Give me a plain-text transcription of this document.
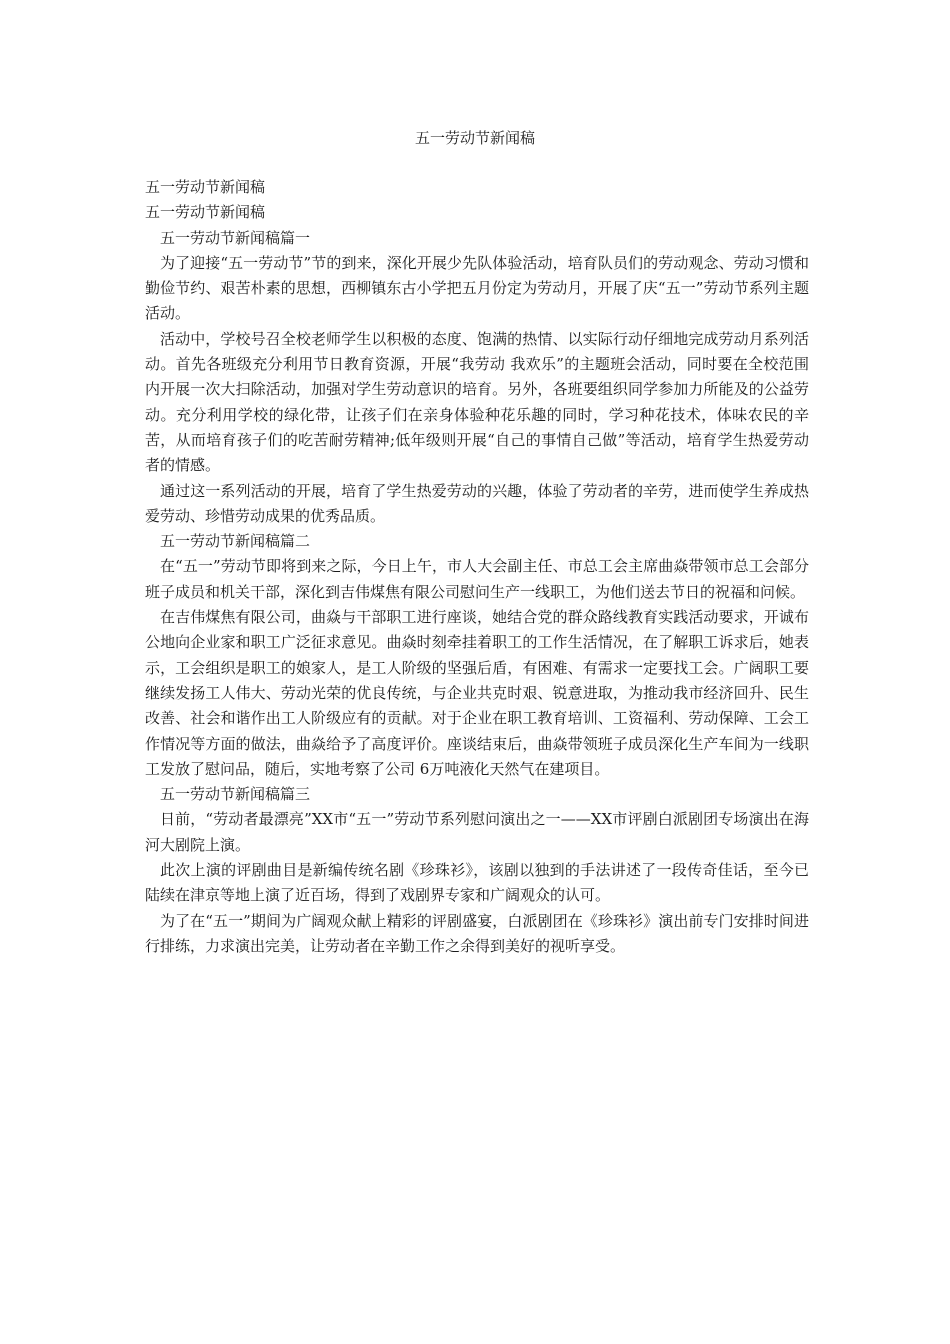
五一劳动节新闻稿

五一劳动节新闻稿

五一劳动节新闻稿

五一劳动节新闻稿篇一

为了迎接“五一劳动节”节的到来，深化开展少先队体验活动，培育队员们的劳动观念、劳动习惯和勤俭节约、艰苦朴素的思想，西柳镇东古小学把五月份定为劳动月，开展了庆“五一”劳动节系列主题活动。

活动中，学校号召全校老师学生以积极的态度、饱满的热情、以实际行动仔细地完成劳动月系列活动。首先各班级充分利用节日教育资源，开展“我劳动 我欢乐”的主题班会活动，同时要在全校范围内开展一次大扫除活动，加强对学生劳动意识的培育。另外，各班要组织同学参加力所能及的公益劳动。充分利用学校的绿化带，让孩子们在亲身体验种花乐趣的同时，学习种花技术，体味农民的辛苦，从而培育孩子们的吃苦耐劳精神;低年级则开展“自己的事情自己做”等活动，培育学生热爱劳动者的情感。

通过这一系列活动的开展，培育了学生热爱劳动的兴趣，体验了劳动者的辛劳，进而使学生养成热爱劳动、珍惜劳动成果的优秀品质。

五一劳动节新闻稿篇二

在“五一”劳动节即将到来之际，今日上午，市人大会副主任、市总工会主席曲焱带领市总工会部分班子成员和机关干部，深化到吉伟煤焦有限公司慰问生产一线职工，为他们送去节日的祝福和问候。

在吉伟煤焦有限公司，曲焱与干部职工进行座谈，她结合党的群众路线教育实践活动要求，开诚布公地向企业家和职工广泛征求意见。曲焱时刻牵挂着职工的工作生活情况，在了解职工诉求后，她表示，工会组织是职工的娘家人，是工人阶级的坚强后盾，有困难、有需求一定要找工会。广阔职工要继续发扬工人伟大、劳动光荣的优良传统，与企业共克时艰、锐意进取，为推动我市经济回升、民生改善、社会和谐作出工人阶级应有的贡献。对于企业在职工教育培训、工资福利、劳动保障、工会工作情况等方面的做法，曲焱给予了高度评价。座谈结束后，曲焱带领班子成员深化生产车间为一线职工发放了慰问品，随后，实地考察了公司 6万吨液化天然气在建项目。

五一劳动节新闻稿篇三

日前，“劳动者最漂亮”XX市“五一”劳动节系列慰问演出之一——XX市评剧白派剧团专场演出在海河大剧院上演。

此次上演的评剧曲目是新编传统名剧《珍珠衫》，该剧以独到的手法讲述了一段传奇佳话，至今已陆续在津京等地上演了近百场，得到了戏剧界专家和广阔观众的认可。

为了在“五一”期间为广阔观众献上精彩的评剧盛宴，白派剧团在《珍珠衫》演出前专门安排时间进行排练，力求演出完美，让劳动者在辛勤工作之余得到美好的视听享受。
